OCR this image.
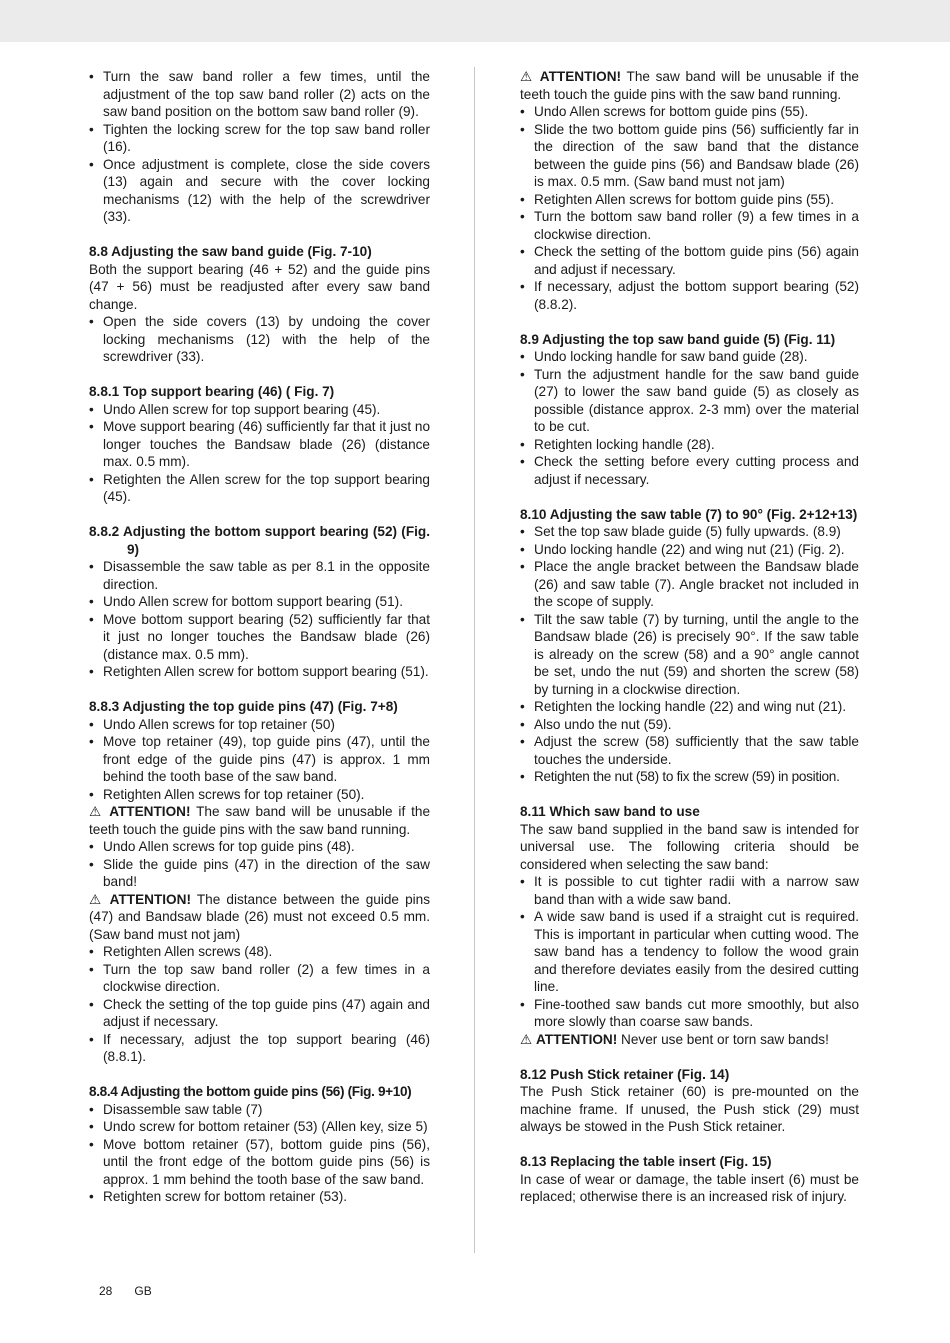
• Turn the saw band roller a few times, until the adjustment of the top saw band roller (2) acts on the saw band position on the bottom saw band roller (9).
• Tighten the locking screw for the top saw band roller (16).
• Once adjustment is complete, close the side covers (13) again and secure with the cover locking mechanisms (12) with the help of the screwdriver (33).
8.8 Adjusting the saw band guide (Fig. 7-10)

Both the support bearing (46 + 52) and the guide pins (47 + 56) must be readjusted after every saw band change.

• Open the side covers (13) by undoing the cover locking mechanisms (12) with the help of the screwdriver (33).
8.8.1 Top support bearing (46) ( Fig. 7)
• Undo Allen screw for top support bearing (45).
• Move support bearing (46) sufficiently far that it just no longer touches the Bandsaw blade (26) (distance max. 0.5 mm).
• Retighten the Allen screw for the top support bearing (45).
8.8.2 Adjusting the bottom support bearing (52) (Fig. 9)
• Disassemble the saw table as per 8.1 in the opposite direction.
• Undo Allen screw for bottom support bearing (51).
• Move bottom support bearing (52) sufficiently far that it just no longer touches the Bandsaw blade (26) (distance max. 0.5 mm).
• Retighten Allen screw for bottom support bearing (51).
8.8.3 Adjusting the top guide pins (47) (Fig. 7+8)
• Undo Allen screws for top retainer (50)
• Move top retainer (49), top guide pins (47), until the front edge of the guide pins (47) is approx. 1 mm behind the tooth base of the saw band.
• Retighten Allen screws for top retainer (50).

⚠ ATTENTION! The saw band will be unusable if the teeth touch the guide pins with the saw band running.

• Undo Allen screws for top guide pins (48).
• Slide the guide pins (47) in the direction of the saw band!

⚠ ATTENTION! The distance between the guide pins (47) and Bandsaw blade (26) must not exceed 0.5 mm. (Saw band must not jam)

• Retighten Allen screws (48).
• Turn the top saw band roller (2) a few times in a clockwise direction.
• Check the setting of the top guide pins (47) again and adjust if necessary.
• If necessary, adjust the top support bearing (46) (8.8.1).
8.8.4 Adjusting the bottom guide pins (56) (Fig. 9+10)
• Disassemble saw table (7)
• Undo screw for bottom retainer (53) (Allen key, size 5)
• Move bottom retainer (57), bottom guide pins (56), until the front edge of the bottom guide pins (56) is approx. 1 mm behind the tooth base of the saw band.
• Retighten screw for bottom retainer (53).

⚠ ATTENTION! The saw band will be unusable if the teeth touch the guide pins with the saw band running.

• Undo Allen screws for bottom guide pins (55).
• Slide the two bottom guide pins (56) sufficiently far in the direction of the saw band that the distance between the guide pins (56) and Bandsaw blade (26) is max. 0.5 mm. (Saw band must not jam)
• Retighten Allen screws for bottom guide pins (55).
• Turn the bottom saw band roller (9) a few times in a clockwise direction.
• Check the setting of the bottom guide pins (56) again and adjust if necessary.
• If necessary, adjust the bottom support bearing (52) (8.8.2).
8.9 Adjusting the top saw band guide (5) (Fig. 11)
• Undo locking handle for saw band guide (28).
• Turn the adjustment handle for the saw band guide (27) to lower the saw band guide (5) as closely as possible (distance approx. 2-3 mm) over the material to be cut.
• Retighten locking handle (28).
• Check the setting before every cutting process and adjust if necessary.
8.10 Adjusting the saw table (7) to 90° (Fig. 2+12+13)
• Set the top saw blade guide (5) fully upwards. (8.9)
• Undo locking handle (22) and wing nut (21) (Fig. 2).
• Place the angle bracket between the Bandsaw blade (26) and saw table (7). Angle bracket not included in the scope of supply.
• Tilt the saw table (7) by turning, until the angle to the Bandsaw blade (26) is precisely 90°. If the saw table is already on the screw (58) and a 90° angle cannot be set, undo the nut (59) and shorten the screw (58) by turning in a clockwise direction.
• Retighten the locking handle (22) and wing nut (21).
• Also undo the nut (59).
• Adjust the screw (58) sufficiently that the saw table touches the underside.
• Retighten the nut (58) to fix the screw (59) in position.
8.11 Which saw band to use

The saw band supplied in the band saw is intended for universal use. The following criteria should be considered when selecting the saw band:

• It is possible to cut tighter radii with a narrow saw band than with a wide saw band.
• A wide saw band is used if a straight cut is required. This is important in particular when cutting wood. The saw band has a tendency to follow the wood grain and therefore deviates easily from the desired cutting line.
• Fine-toothed saw bands cut more smoothly, but also more slowly than coarse saw bands.

⚠ ATTENTION! Never use bent or torn saw bands!

8.12 Push Stick retainer (Fig. 14)

The Push Stick retainer (60) is pre-mounted on the machine frame. If unused, the Push stick (29) must always be stowed in the Push Stick retainer.

8.13 Replacing the table insert (Fig. 15)

In case of wear or damage, the table insert (6) must be replaced; otherwise there is an increased risk of injury.

28 GB
